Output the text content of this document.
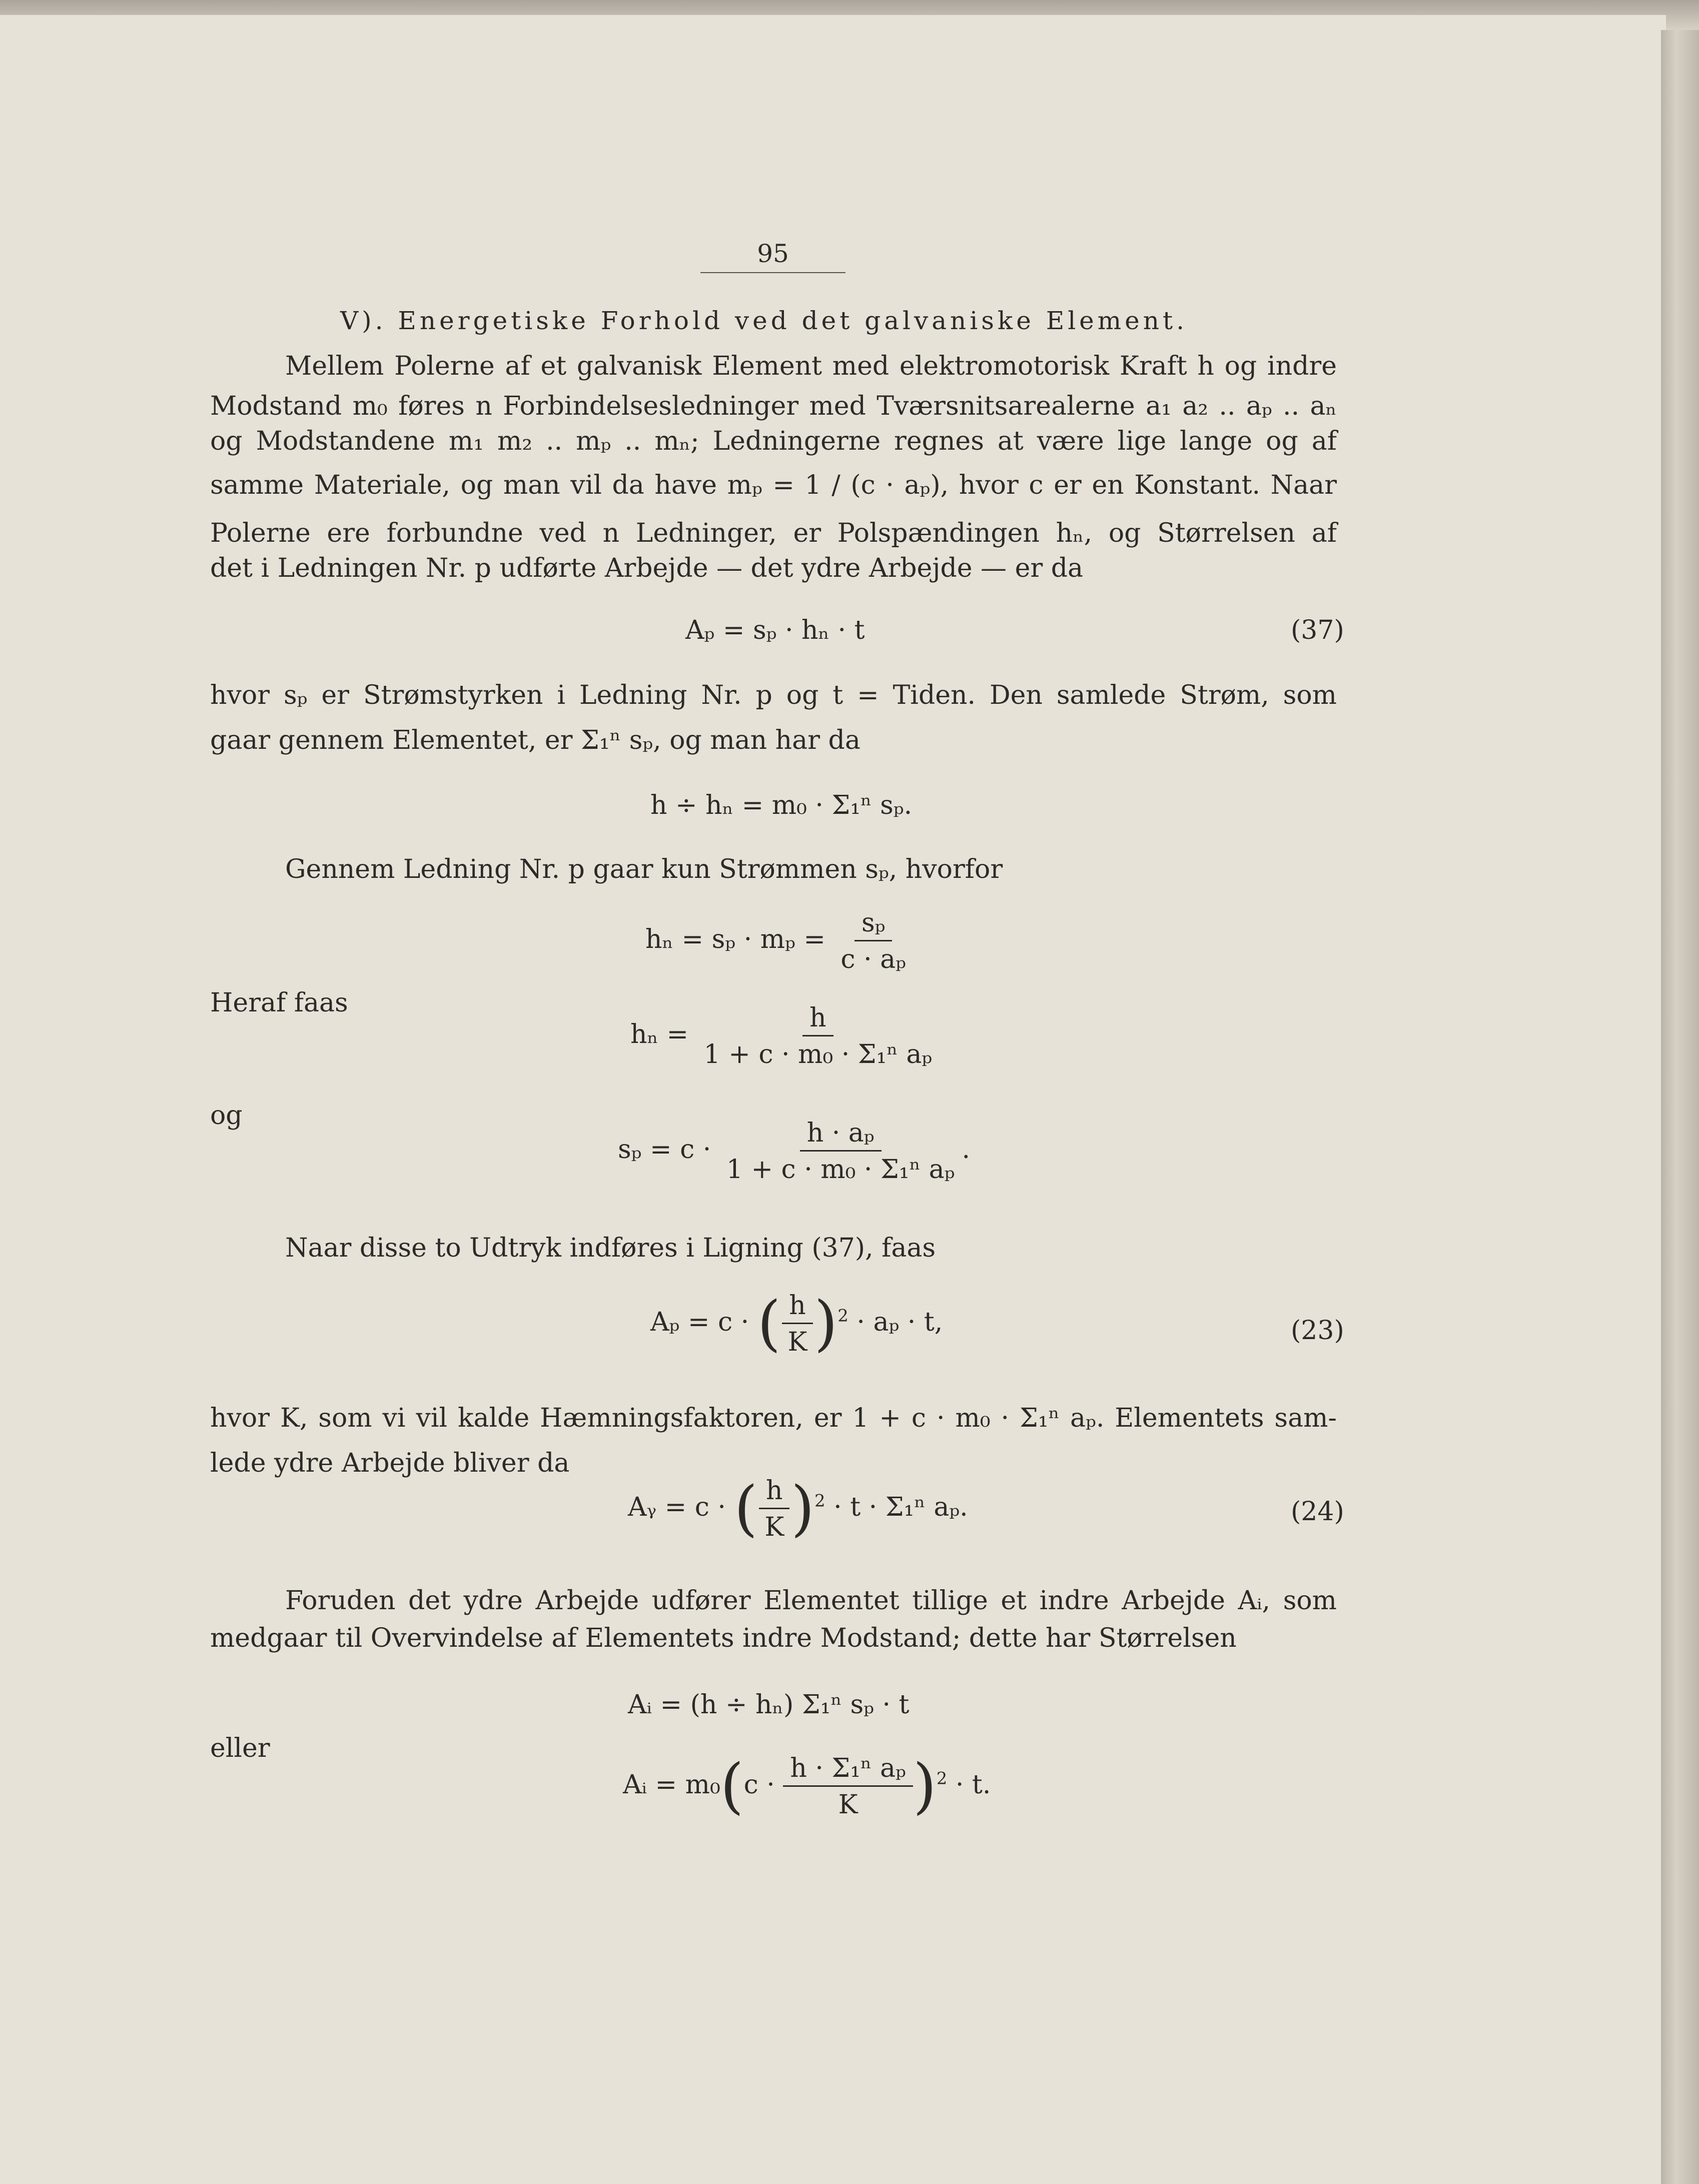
95
V). Energetiske Forhold ved det galvaniske Element.
Mellem Polerne af et galvanisk Element med elektromotorisk Kraft h og indre
Modstand m₀ føres n Forbindelsesledninger med Tværsnitsarealerne a₁ a₂ .. aₚ .. aₙ
og Modstandene m₁ m₂ .. mₚ .. mₙ; Ledningerne regnes at være lige lange og af
samme Materiale, og man vil da have mₚ = 1 / (c · aₚ), hvor c er en Konstant. Naar
Polerne ere forbundne ved n Ledninger, er Polspændingen hₙ, og Størrelsen af
det i Ledningen Nr. p udførte Arbejde — det ydre Arbejde — er da
Aₚ = sₚ · hₙ · t	(37)
hvor sₚ er Strømstyrken i Ledning Nr. p og t = Tiden. Den samlede Strøm, som
gaar gennem Elementet, er Σ₁ⁿ sₚ, og man har da
h ÷ hₙ = m₀ · Σ₁ⁿ sₚ.
Gennem Ledning Nr. p gaar kun Strømmen sₚ, hvorfor
$h_n = s_p \cdot m_p = \frac{\text{sₚ}}{\text{c · aₚ}}$
Heraf faas
$h_n = \frac{h}{\text{1 + c · m₀ · Σ₁ⁿ aₚ}}$
og
$s_p = c \cdot \frac{\text{h · aₚ}}{\text{1 + c · m₀ · Σ₁ⁿ aₚ}}$ .
Naar disse to Udtryk indføres i Ligning (37), faas
Aₚ = c · ( $\frac{h}{K} )^2 \cdot a_p \cdot t$,	(23)
hvor K, som vi vil kalde Hæmningsfaktoren, er 1 + c · m₀ · Σ₁ⁿ aₚ. Elementets sam-
lede ydre Arbejde bliver da
Aᵧ = c · ( $\frac{h}{K} )^2 \cdot t \cdot \Sigma_1^n$ aₚ.	(24)
Foruden det ydre Arbejde udfører Elementet tillige et indre Arbejde Aᵢ, som
medgaar til Overvindelse af Elementets indre Modstand; dette har Størrelsen
Aᵢ = (h ÷ hₙ) Σ₁ⁿ sₚ · t
eller
Aᵢ = $m_0(c \cdot \frac{\text{h · Σ₁ⁿ aₚ}}{K} )^2 \cdot t$.
